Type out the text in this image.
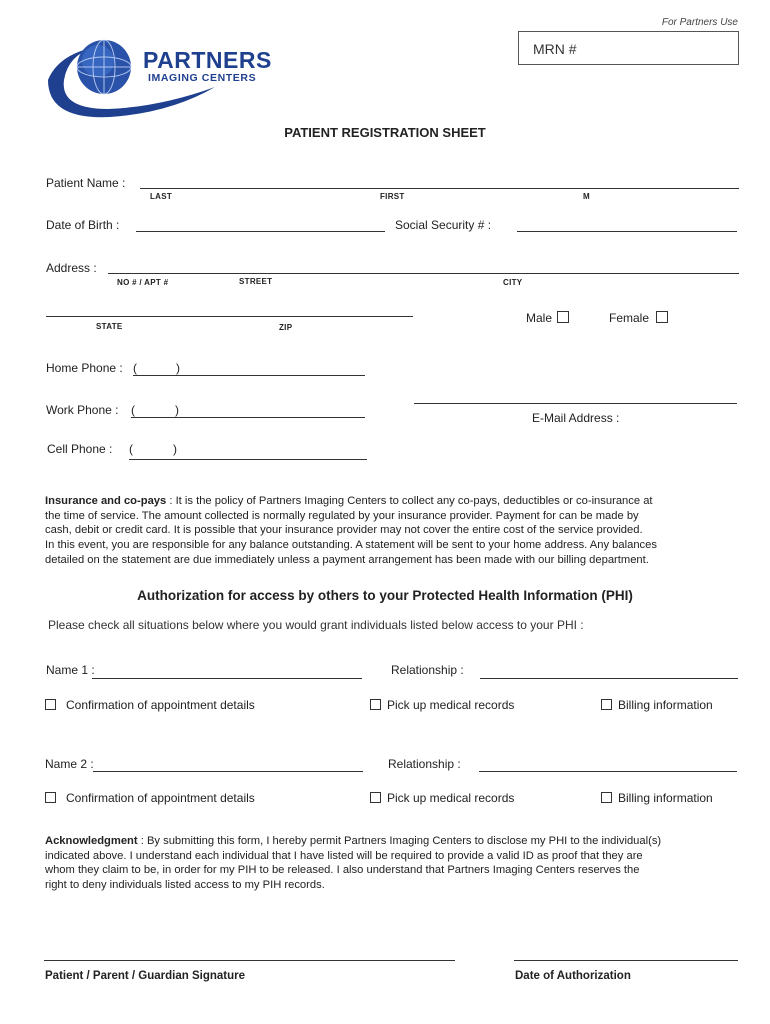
For Partners Use
MRN #
PARTNERS
IMAGING CENTERS
PATIENT REGISTRATION SHEET
Patient Name :
LAST	FIRST	M
Date of Birth :	Social Security # :
Address :
NO # / APT #	STREET	CITY
STATE	ZIP
Male	Female
Home Phone : (	)
Work Phone : (	)
E-Mail Address :
Cell Phone : (	)
Insurance and co-pays : It is the policy of Partners Imaging Centers to collect any co-pays, deductibles or co-insurance at
the time of service. The amount collected is normally regulated by your insurance provider. Payment for can be made by
cash, debit or credit card. It is possible that your insurance provider may not cover the entire cost of the service provided.
In this event, you are responsible for any balance outstanding. A statement will be sent to your home address. Any balances
detailed on the statement are due immediately unless a payment arrangement has been made with our billing department.
Authorization for access by others to your Protected Health Information (PHI)
Please check all situations below where you would grant individuals listed below access to your PHI :
Name 1 :	Relationship :
Confirmation of appointment details	Pick up medical records	Billing information
Name 2 :	Relationship :
Confirmation of appointment details	Pick up medical records	Billing information
Acknowledgment : By submitting this form, I hereby permit Partners Imaging Centers to disclose my PHI to the individual(s)
indicated above. I understand each individual that I have listed will be required to provide a valid ID as proof that they are
whom they claim to be, in order for my PIH to be released. I also understand that Partners Imaging Centers reserves the
right to deny individuals listed access to my PIH records.
Patient / Parent / Guardian Signature	Date of Authorization
